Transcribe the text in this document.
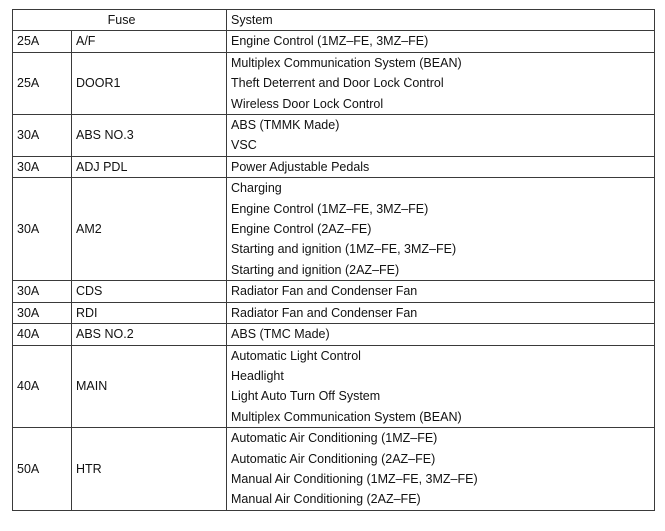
Fuse		System
25A	A/F	Engine Control (1MZ–FE, 3MZ–FE)

25A	DOOR1	Multiplex Communication System (BEAN)
Theft Deterrent and Door Lock Control
Wireless Door Lock Control

30A	ABS NO.3	ABS (TMMK Made)
VSC

30A	ADJ PDL	Power Adjustable Pedals

30A	AM2	Charging
Engine Control (1MZ–FE, 3MZ–FE)
Engine Control (2AZ–FE)
Starting and ignition (1MZ–FE, 3MZ–FE)
Starting and ignition (2AZ–FE)

30A	CDS	Radiator Fan and Condenser Fan

30A	RDI	Radiator Fan and Condenser Fan

40A	ABS NO.2	ABS (TMC Made)

40A	MAIN	Automatic Light Control
Headlight
Light Auto Turn Off System
Multiplex Communication System (BEAN)

50A	HTR	Automatic Air Conditioning (1MZ–FE)
Automatic Air Conditioning (2AZ–FE)
Manual Air Conditioning (1MZ–FE, 3MZ–FE)
Manual Air Conditioning (2AZ–FE)
